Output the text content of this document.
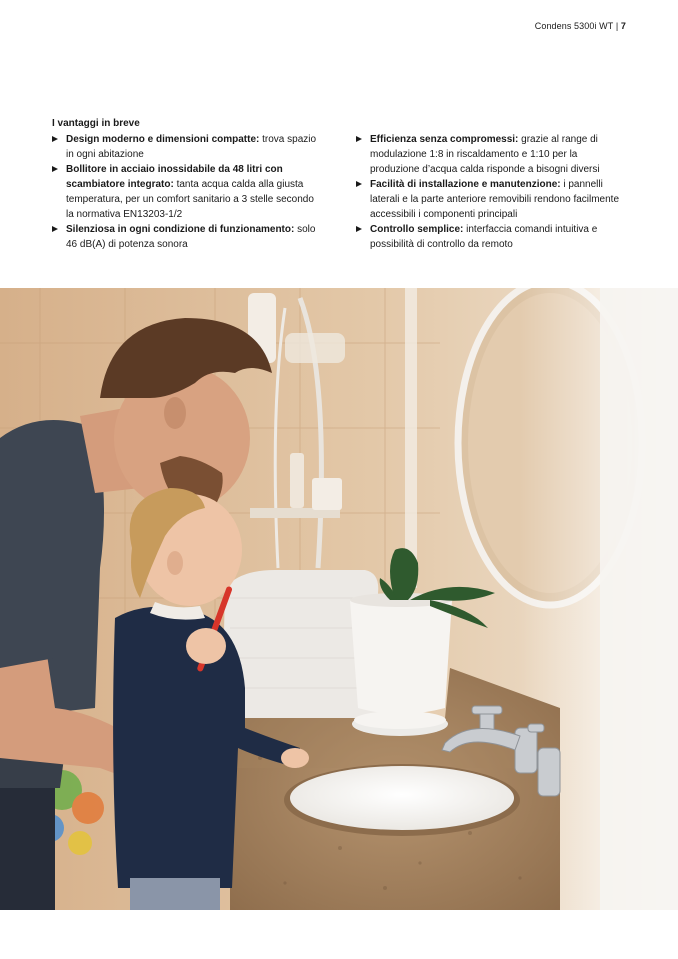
Condens 5300i WT | 7
I vantaggi in breve
Design moderno e dimensioni compatte: trova spazio in ogni abitazione
Bollitore in acciaio inossidabile da 48 litri con scambiatore integrato: tanta acqua calda alla giusta temperatura, per un comfort sanitario a 3 stelle secondo la normativa EN13203-1/2
Silenziosa in ogni condizione di funzionamento: solo 46 dB(A) di potenza sonora
Efficienza senza compromessi: grazie al range di modulazione 1:8 in riscaldamento e 1:10 per la produzione d’acqua calda risponde a bisogni diversi
Facilità di installazione e manutenzione: i pannelli laterali e la parte anteriore removibili rendono facilmente accessibili i componenti principali
Controllo semplice: interfaccia comandi intuitiva e possibilità di controllo da remoto
